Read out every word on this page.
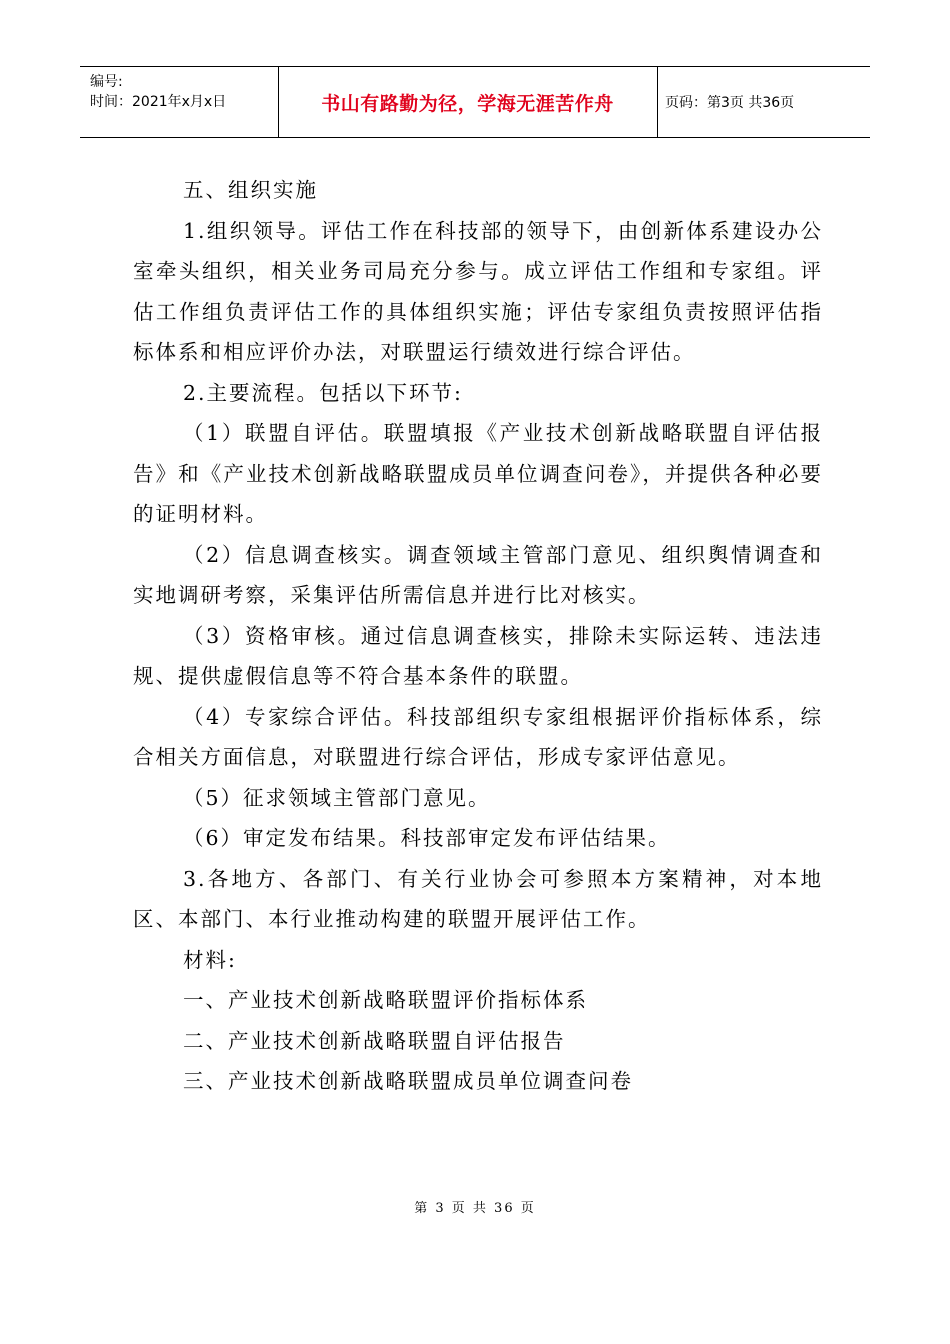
编号:
时间：2021年x月x日	书山有路勤为径，学海无涯苦作舟	页码：第3页 共36页

五、组织实施

1.组织领导。评估工作在科技部的领导下，由创新体系建设办公室牵头组织，相关业务司局充分参与。成立评估工作组和专家组。评估工作组负责评估工作的具体组织实施；评估专家组负责按照评估指标体系和相应评价办法，对联盟运行绩效进行综合评估。

2.主要流程。包括以下环节:

（1）联盟自评估。联盟填报《产业技术创新战略联盟自评估报告》和《产业技术创新战略联盟成员单位调查问卷》，并提供各种必要的证明材料。

（2）信息调查核实。调查领域主管部门意见、组织舆情调查和实地调研考察，采集评估所需信息并进行比对核实。

（3）资格审核。通过信息调查核实，排除未实际运转、违法违规、提供虚假信息等不符合基本条件的联盟。

（4）专家综合评估。科技部组织专家组根据评价指标体系，综合相关方面信息，对联盟进行综合评估，形成专家评估意见。

（5）征求领域主管部门意见。

（6）审定发布结果。科技部审定发布评估结果。

3.各地方、各部门、有关行业协会可参照本方案精神，对本地区、本部门、本行业推动构建的联盟开展评估工作。

材料:

一、产业技术创新战略联盟评价指标体系

二、产业技术创新战略联盟自评估报告

三、产业技术创新战略联盟成员单位调查问卷

第 3 页 共 36 页
